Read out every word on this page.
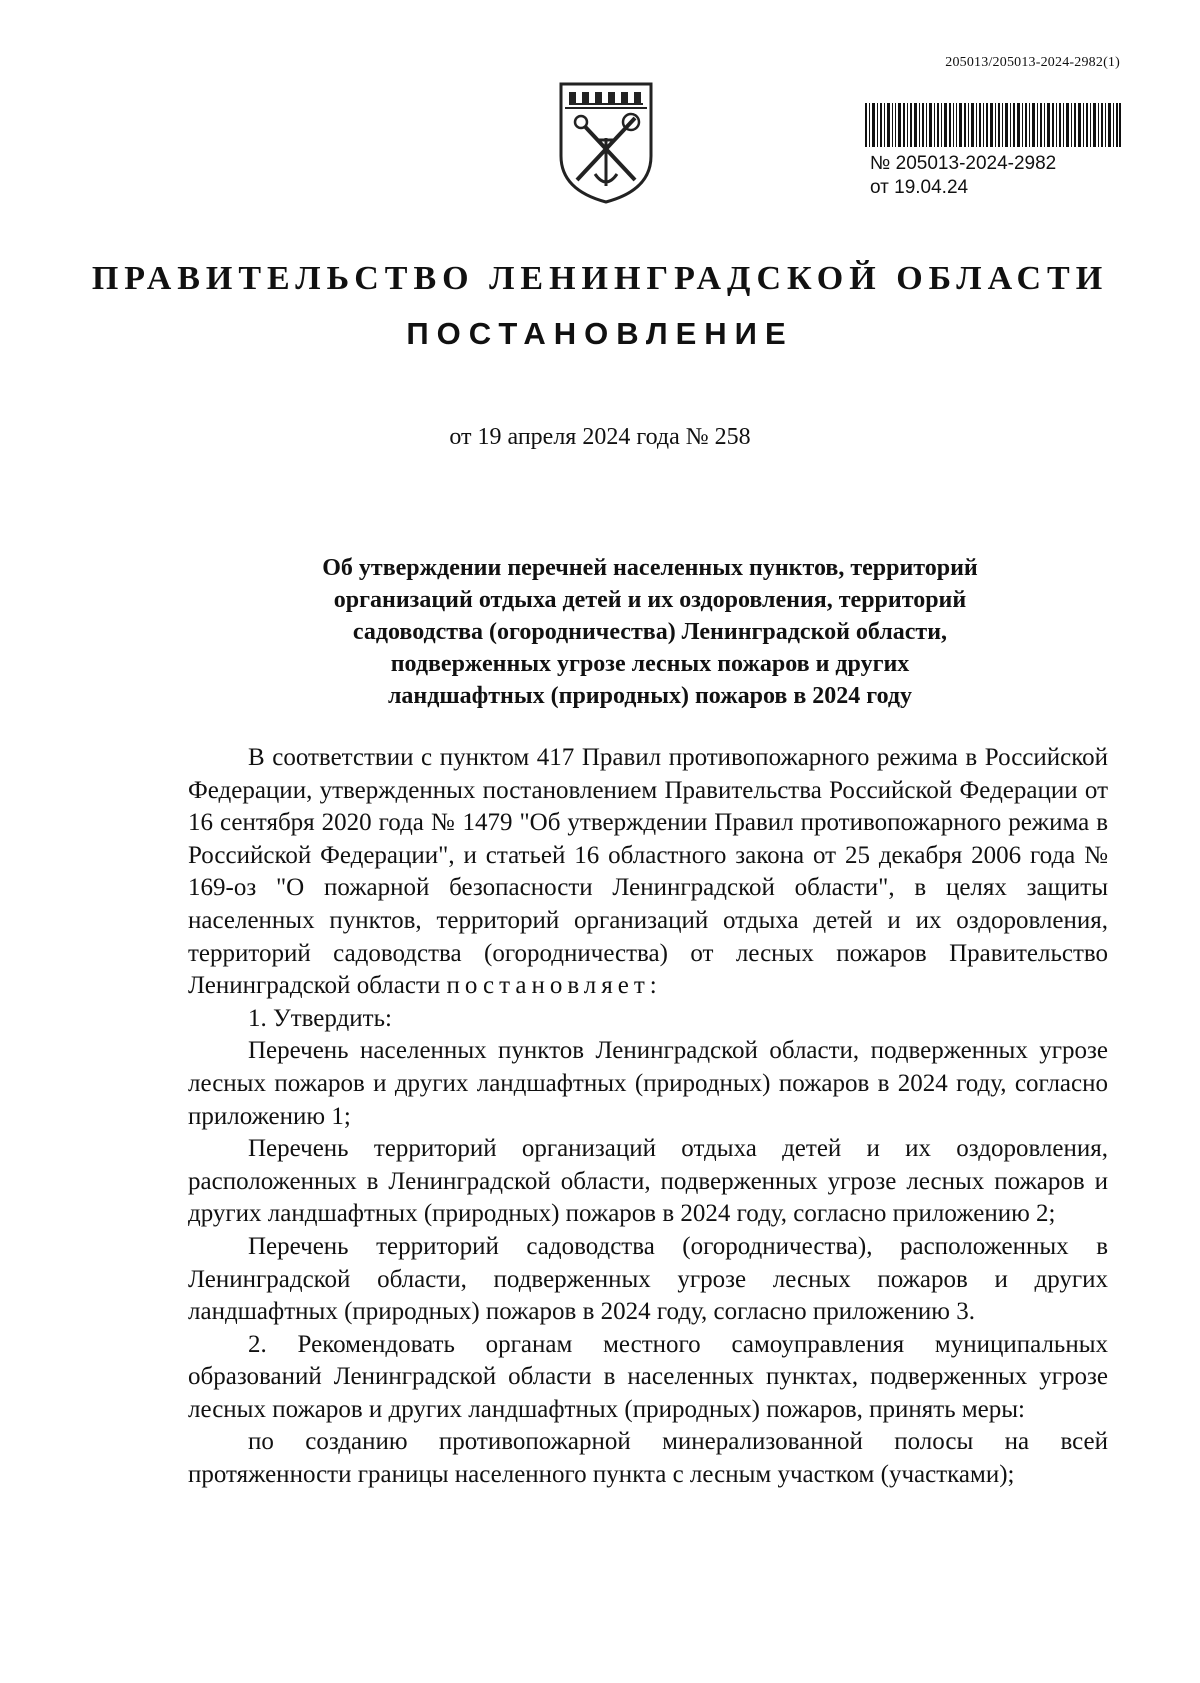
205013/205013-2024-2982(1)
№ 205013-2024-2982
от 19.04.24
ПРАВИТЕЛЬСТВО ЛЕНИНГРАДСКОЙ ОБЛАСТИ
ПОСТАНОВЛЕНИЕ
от 19 апреля 2024 года № 258
Об утверждении перечней населенных пунктов, территорий
организаций отдыха детей и их оздоровления, территорий
садоводства (огородничества) Ленинградской области,
подверженных угрозе лесных пожаров и других
ландшафтных (природных) пожаров в 2024 году

В соответствии с пунктом 417 Правил противопожарного режима в Российской Федерации, утвержденных постановлением Правительства Российской Федерации от 16 сентября 2020 года № 1479 "Об утверждении Правил противопожарного режима в Российской Федерации", и статьей 16 областного закона от 25 декабря 2006 года № 169-оз "О пожарной безопасности Ленинградской области", в целях защиты населенных пунктов, территорий организаций отдыха детей и их оздоровления, территорий садоводства (огородничества) от лесных пожаров Правительство Ленинградской области постановляет:

1. Утвердить:

Перечень населенных пунктов Ленинградской области, подверженных угрозе лесных пожаров и других ландшафтных (природных) пожаров в 2024 году, согласно приложению 1;

Перечень территорий организаций отдыха детей и их оздоровления, расположенных в Ленинградской области, подверженных угрозе лесных пожаров и других ландшафтных (природных) пожаров в 2024 году, согласно приложению 2;

Перечень территорий садоводства (огородничества), расположенных в Ленинградской области, подверженных угрозе лесных пожаров и других ландшафтных (природных) пожаров в 2024 году, согласно приложению 3.

2. Рекомендовать органам местного самоуправления муниципальных образований Ленинградской области в населенных пунктах, подверженных угрозе лесных пожаров и других ландшафтных (природных) пожаров, принять меры:

по созданию противопожарной минерализованной полосы на всей протяженности границы населенного пункта с лесным участком (участками);
